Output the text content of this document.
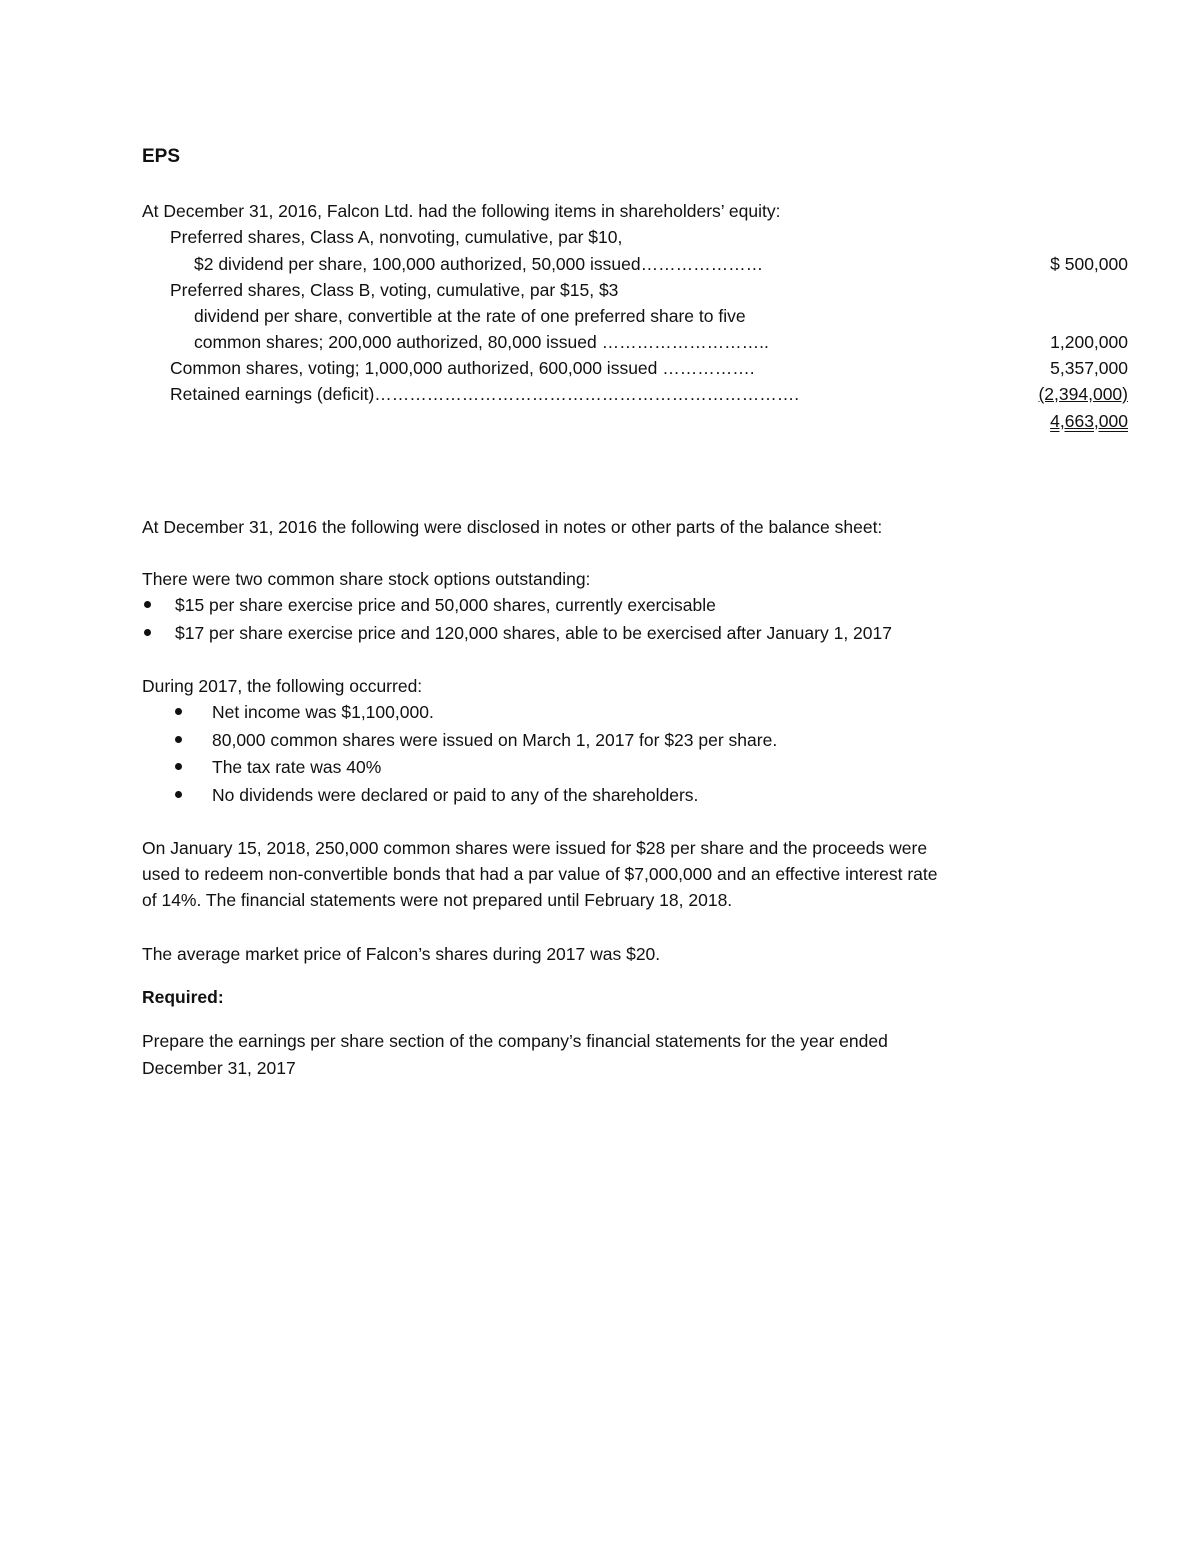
EPS
At December 31, 2016, Falcon Ltd. had the following items in shareholders’ equity:
Preferred shares, Class A, nonvoting, cumulative, par $10,
$2 dividend per share, 100,000 authorized, 50,000 issued…………………	$ 500,000
Preferred shares, Class B, voting, cumulative, par $15, $3
dividend per share, convertible at the rate of one preferred share to five
common shares; 200,000 authorized, 80,000 issued ………………………..	1,200,000
Common shares, voting; 1,000,000 authorized, 600,000 issued …………….	5,357,000
Retained earnings (deficit)……………………………………………………………….	(2,394,000)
4,663,000
At December 31, 2016 the following were disclosed in notes or other parts of the balance sheet:
There were two common share stock options outstanding:
$15 per share exercise price and 50,000 shares, currently exercisable
$17 per share exercise price and 120,000 shares, able to be exercised after January 1, 2017
During 2017, the following occurred:
Net income was $1,100,000.
80,000 common shares were issued on March 1, 2017 for $23 per share.
The tax rate was 40%
No dividends were declared or paid to any of the shareholders.
On January 15, 2018, 250,000 common shares were issued for $28 per share and the proceeds were
used to redeem non-convertible bonds that had a par value of $7,000,000 and an effective interest rate
of 14%. The financial statements were not prepared until February 18, 2018.
The average market price of Falcon’s shares during 2017 was $20.
Required:
Prepare the earnings per share section of the company’s financial statements for the year ended
December 31, 2017
